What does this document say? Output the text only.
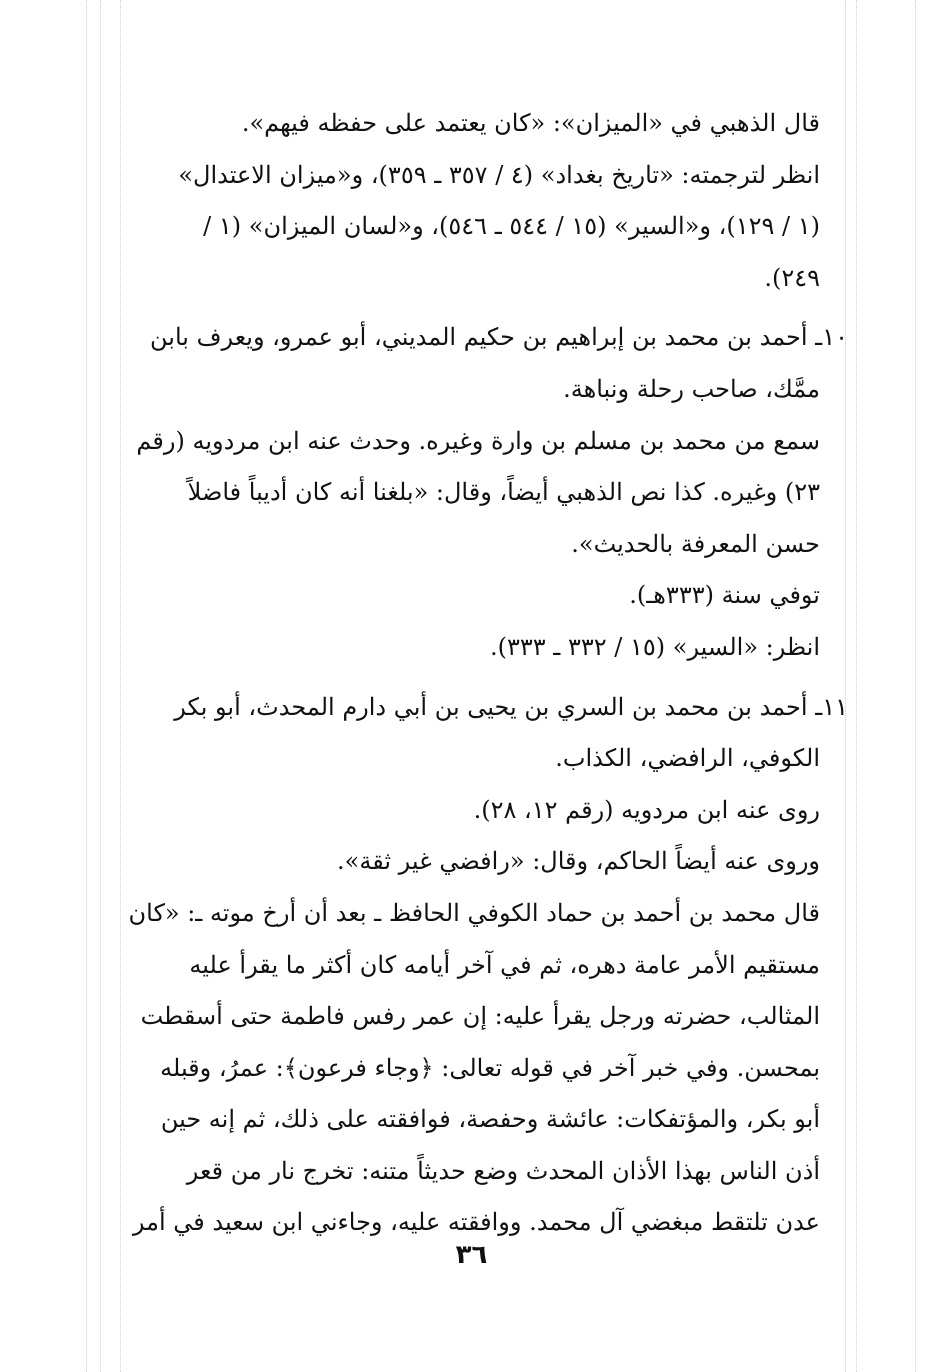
قال الذهبي في «الميزان»: «كان يعتمد على حفظه فيهم».
انظر لترجمته: «تاريخ بغداد» (٤ / ٣٥٧ ـ ٣٥٩)، و«ميزان الاعتدال»
(١ / ١٢٩)، و«السير» (١٥ / ٥٤٤ ـ ٥٤٦)، و«لسان الميزان» (١ /
٢٤٩).
١٠ـ أحمد بن محمد بن إبراهيم بن حكيم المديني، أبو عمرو، ويعرف بابن
ممَّك، صاحب رحلة ونباهة.
سمع من محمد بن مسلم بن وارة وغيره. وحدث عنه ابن مردويه (رقم
٢٣) وغيره. كذا نص الذهبي أيضاً، وقال: «بلغنا أنه كان أديباً فاضلاً
حسن المعرفة بالحديث».
توفي سنة (٣٣٣هـ).
انظر: «السير» (١٥ / ٣٣٢ ـ ٣٣٣).
١١ـ أحمد بن محمد بن السري بن يحيى بن أبي دارم المحدث، أبو بكر
الكوفي، الرافضي، الكذاب.
روى عنه ابن مردويه (رقم ١٢، ٢٨).
وروى عنه أيضاً الحاكم، وقال: «رافضي غير ثقة».
قال محمد بن أحمد بن حماد الكوفي الحافظ ـ بعد أن أرخ موته ـ: «كان
مستقيم الأمر عامة دهره، ثم في آخر أيامه كان أكثر ما يقرأ عليه
المثالب، حضرته ورجل يقرأ عليه: إن عمر رفس فاطمة حتى أسقطت
بمحسن. وفي خبر آخر في قوله تعالى: ﴿وجاء فرعون﴾: عمرُ، وقبله
أبو بكر، والمؤتفكات: عائشة وحفصة، فوافقته على ذلك، ثم إنه حين
أذن الناس بهذا الأذان المحدث وضع حديثاً متنه: تخرج نار من قعر
عدن تلتقط مبغضي آل محمد. ووافقته عليه، وجاءني ابن سعيد في أمر
٣٦
